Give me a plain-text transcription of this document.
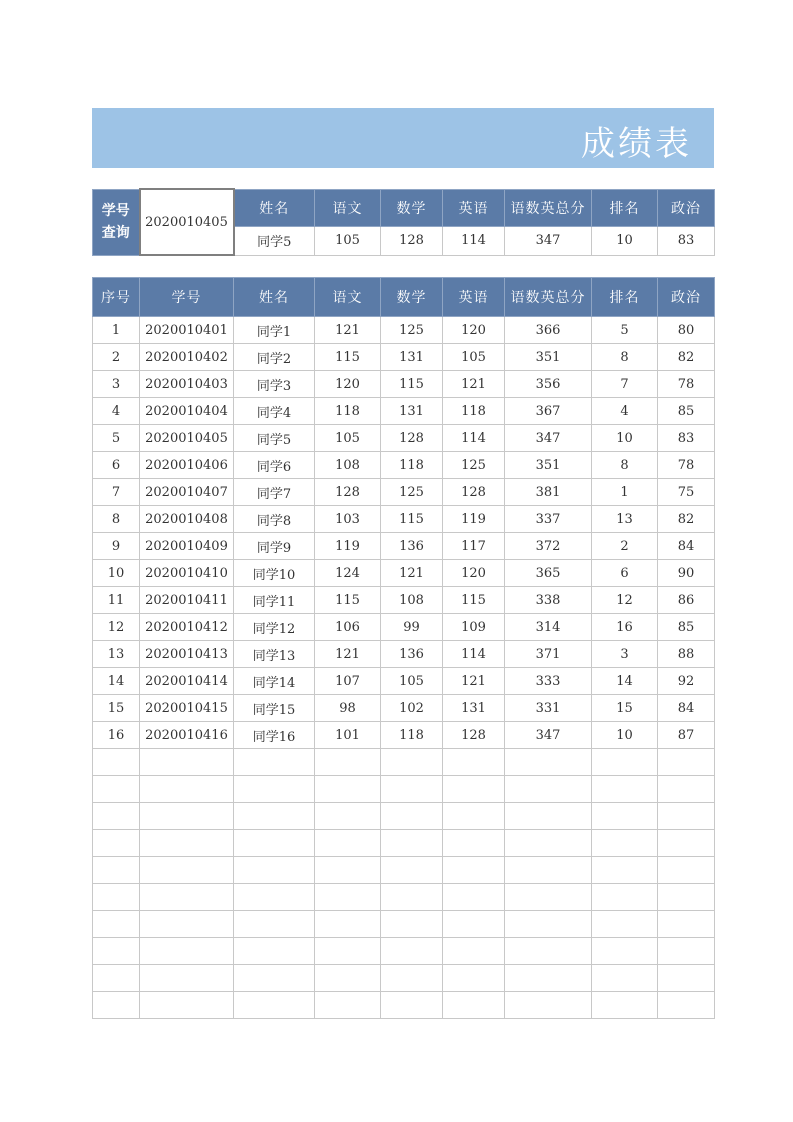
成绩表
学号
查询	2020010405	姓名	语文	数学	英语	语数英总分	排名	政治
		同学5	105	128	114	347	10	83
序号	学号	姓名	语文	数学	英语	语数英总分	排名	政治
1	2020010401	同学1	121	125	120	366	5	80
2	2020010402	同学2	115	131	105	351	8	82
3	2020010403	同学3	120	115	121	356	7	78
4	2020010404	同学4	118	131	118	367	4	85
5	2020010405	同学5	105	128	114	347	10	83
6	2020010406	同学6	108	118	125	351	8	78
7	2020010407	同学7	128	125	128	381	1	75
8	2020010408	同学8	103	115	119	337	13	82
9	2020010409	同学9	119	136	117	372	2	84
10	2020010410	同学10	124	121	120	365	6	90
11	2020010411	同学11	115	108	115	338	12	86
12	2020010412	同学12	106	99	109	314	16	85
13	2020010413	同学13	121	136	114	371	3	88
14	2020010414	同学14	107	105	121	333	14	92
15	2020010415	同学15	98	102	131	331	15	84
16	2020010416	同学16	101	118	128	347	10	87
